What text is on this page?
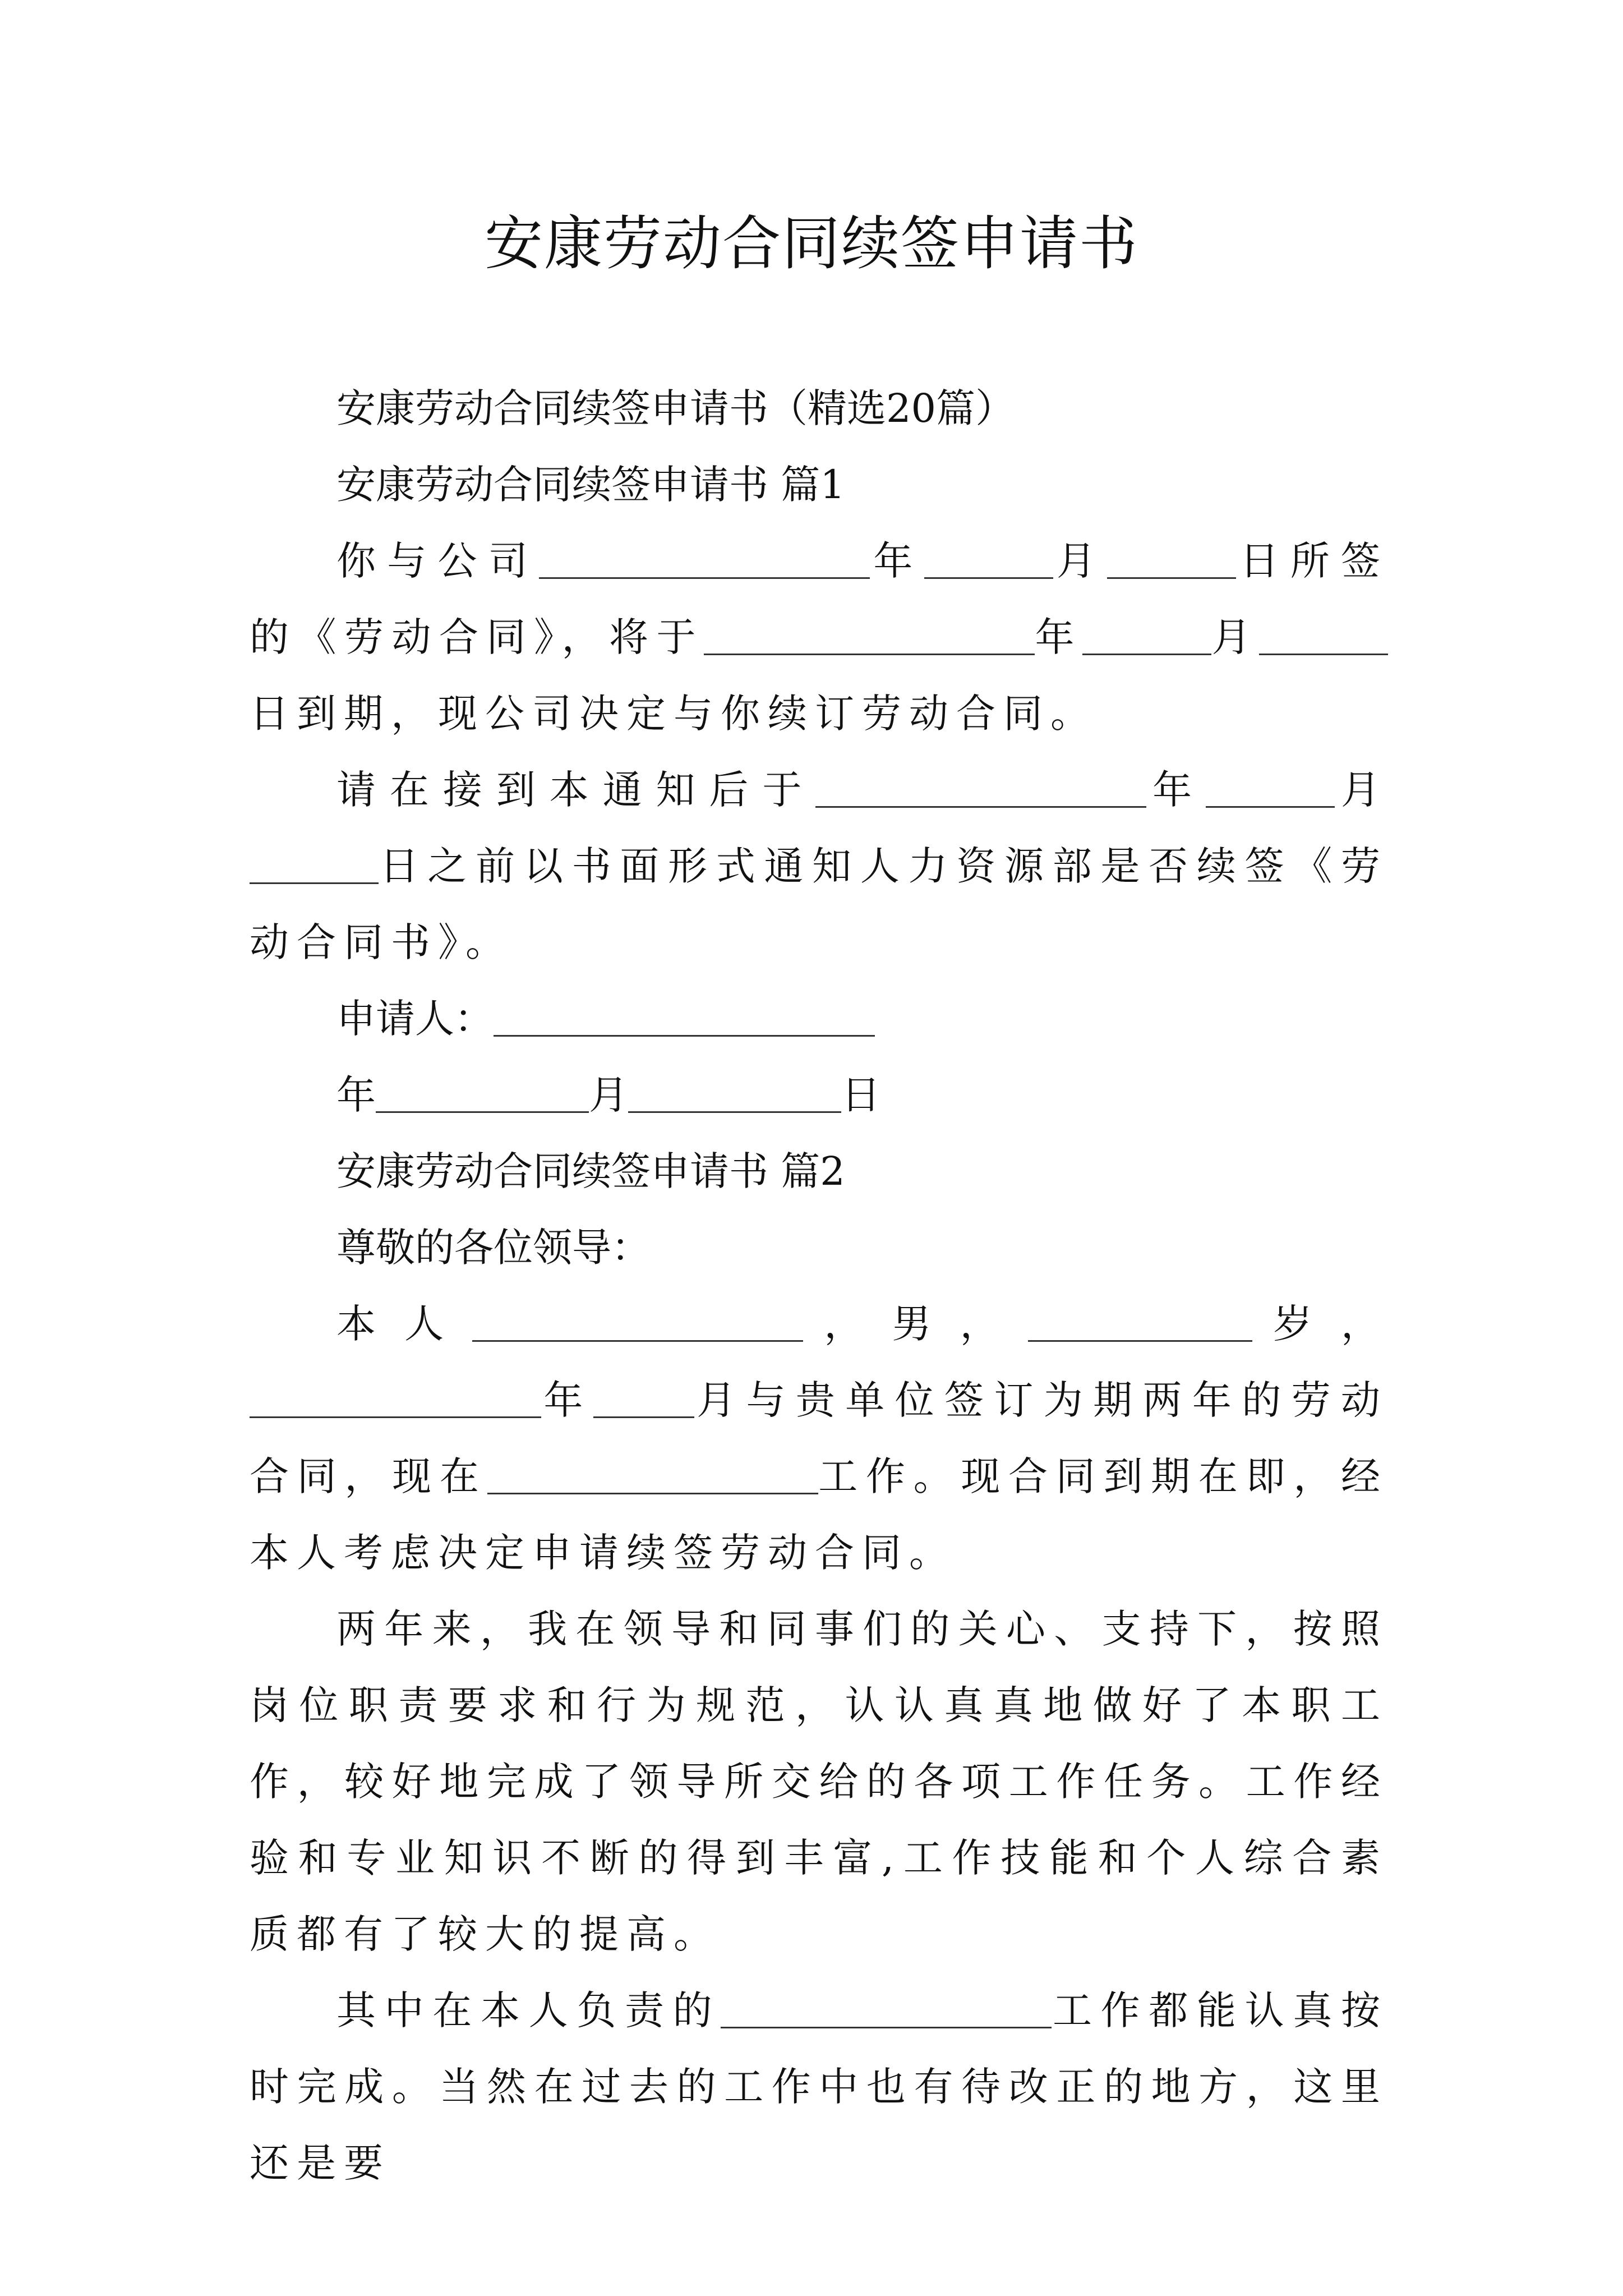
安康劳动合同续签申请书

安康劳动合同续签申请书（精选20篇）

安康劳动合同续签申请书 篇1

你与公司	年	月	日所签的《劳动合同》，将于	年	月日到期，现公司决定与你续订劳动合同。

请在接到本通知后于	年	月日之前以书面形式通知人力资源部是否续签《劳动合同书》。

申请人：

年	月	日

安康劳动合同续签申请书 篇2

尊敬的各位领导：

本人	，男，	岁，年	月与贵单位签订为期两年的劳动合同，现在	工作。现合同到期在即，经本人考虑决定申请续签劳动合同。

两年来，我在领导和同事们的关心、支持下，按照岗位职责要求和行为规范，认认真真地做好了本职工作，较好地完成了领导所交给的各项工作任务。工作经验和专业知识不断的得到丰富,工作技能和个人综合素质都有了较大的提高。

其中在本人负责的	工作都能认真按时完成。当然在过去的工作中也有待改正的地方，这里还是要
